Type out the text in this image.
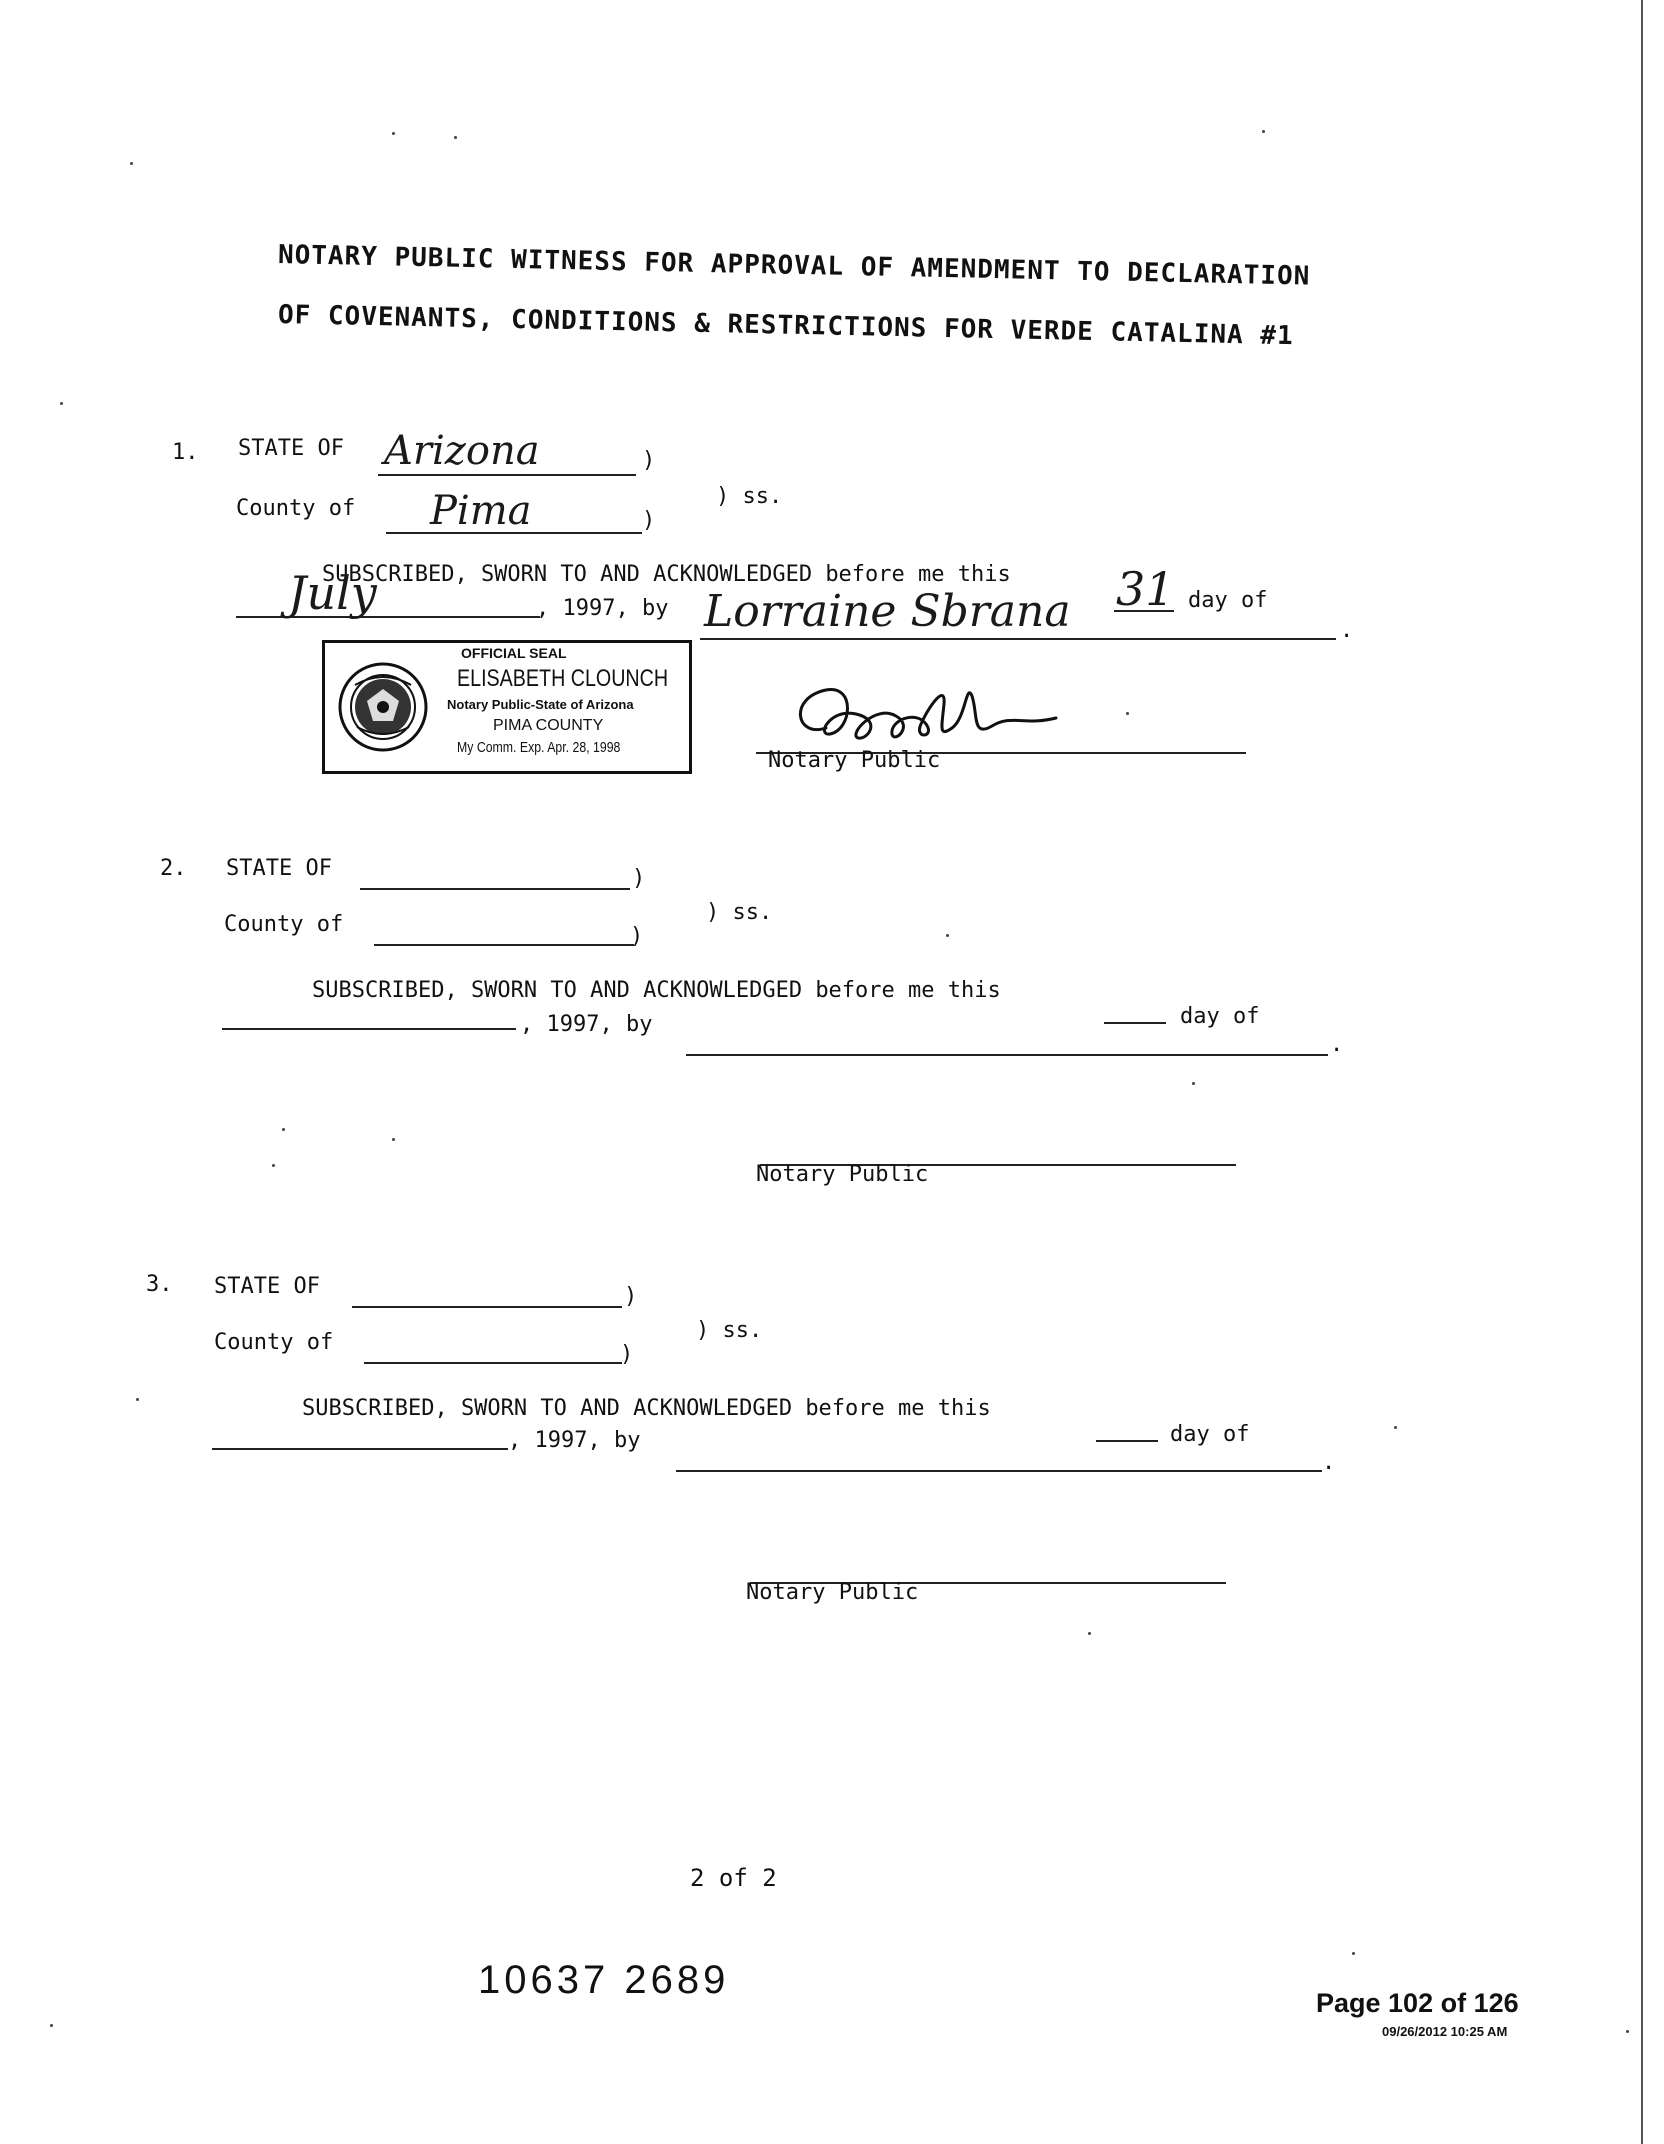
NOTARY PUBLIC WITNESS FOR APPROVAL OF AMENDMENT TO DECLARATION
OF COVENANTS, CONDITIONS & RESTRICTIONS FOR VERDE CATALINA #1
1. STATE OF Arizona	)
) ss.
County of Pima	)
SUBSCRIBED, SWORN TO AND ACKNOWLEDGED before me this 31 day of
July	, 1997, by Lorraine Sbrana	.
OFFICIAL SEAL
ELISABETH CLOUNCH
Notary Public-State of Arizona
PIMA COUNTY
My Comm. Exp. Apr. 28, 1998
Notary Public
2. STATE OF	)
) ss.
County of	)
SUBSCRIBED, SWORN TO AND ACKNOWLEDGED before me this
day of
, 1997, by
.
Notary Public
3. STATE OF	)
) ss.
County of	)
SUBSCRIBED, SWORN TO AND ACKNOWLEDGED before me this
day of
, 1997, by
.
Notary Public
2 of 2
10637 2689
Page 102 of 126
09/26/2012 10:25 AM
